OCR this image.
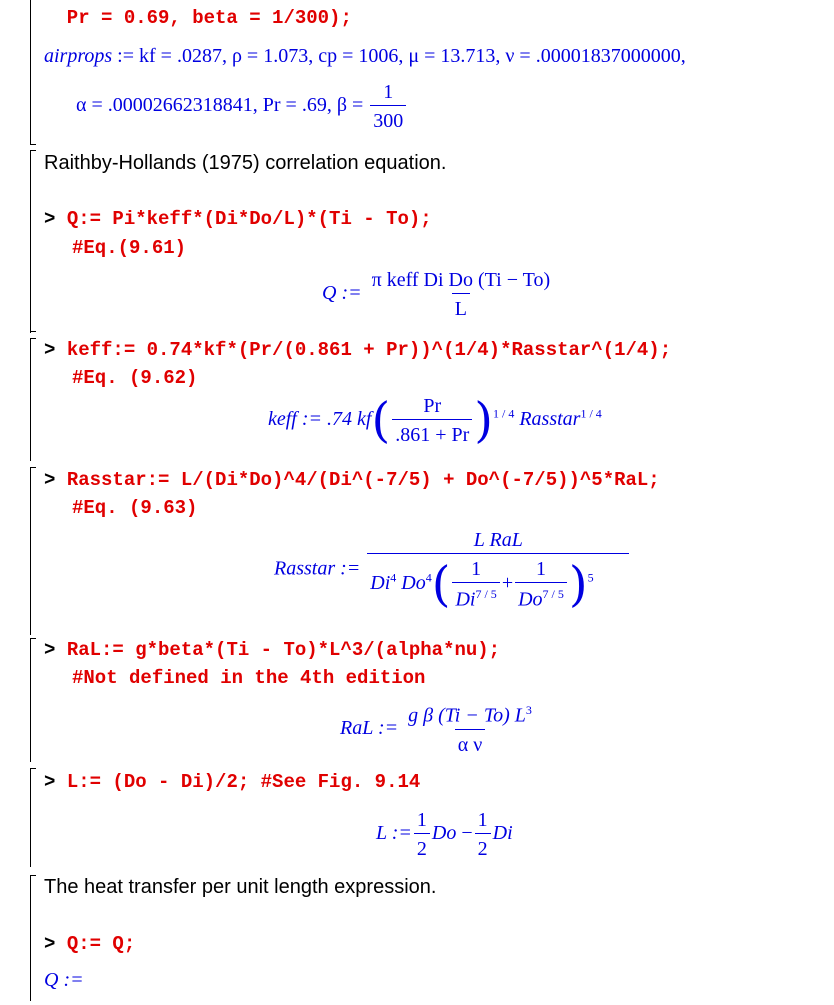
Pr = 0.69, beta = 1/300);
airprops := kf = .0287, ρ = 1.073, cp = 1006, μ = 13.713, ν = .00001837000000,
α = .00002662318841, Pr = .69, $\beta = \frac{1}{300}$
Raithby-Hollands (1975) correlation equation.
> Q:= Pi*keff*(Di*Do/L)*(Ti - To);
#Eq.(9.61)
Q := $\frac{\text{π keff Di Do (Ti − To)}}{L}$
> keff:= 0.74*kf*(Pr/(0.861 + Pr))^(1/4)*Rasstar^(1/4);
#Eq. (9.62)
keff := .74 $kf( \frac{Pr}{.861 + Pr} )^{1 / 4}$ Rasstar$^{1 / 4}$
> Rasstar:= L/(Di*Do)^4/(Di^(-7/5) + Do^(-7/5))^5*RaL;
#Eq. (9.63)
Rasstar := $\frac{\text{L RaL}}{Di^4 Do^4( \frac{1}{Di^{7 / 5}} + \frac{1}{Do^{7 / 5}} )^5}$
> RaL:= g*beta*(Ti - To)*L^3/(alpha*nu);
#Not defined in the 4th edition
RaL := $\frac{g \beta (Ti - To) L^3}{\text{α ν}}$
> L:= (Do - Di)/2; #See Fig. 9.14
L := $\frac{1}{2}$ $Do - \frac{1}{2}$ Di
The heat transfer per unit length expression.
> Q:= Q;
Q :=
